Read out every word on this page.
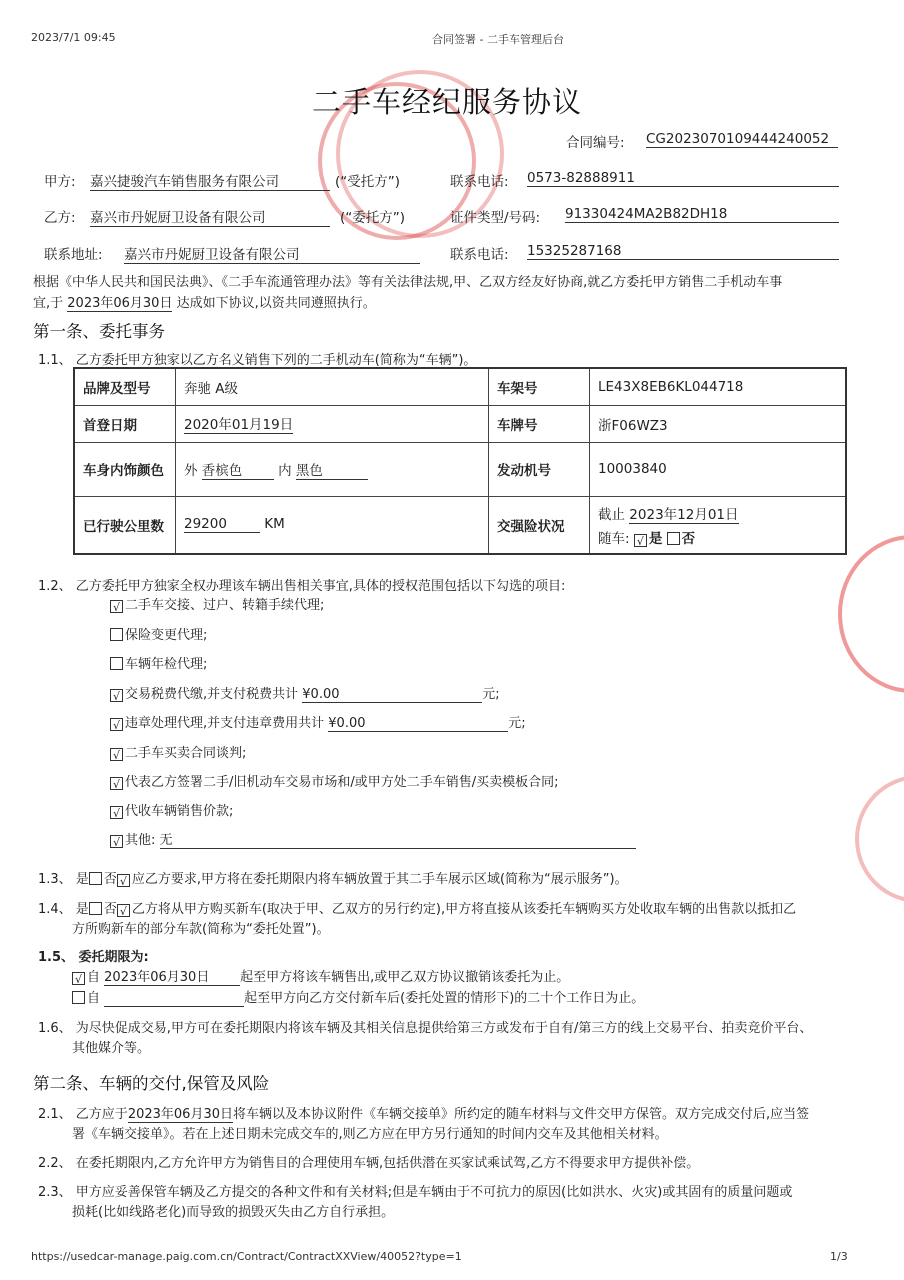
2023/7/1 09:45	合同签署 - 二手车管理后台
二手车经纪服务协议
合同编号: CG2023070109444240052
甲方: 嘉兴捷骏汽车销售服务有限公司	(“受托方”)	联系电话: 0573-82888911
乙方: 嘉兴市丹妮厨卫设备有限公司	(“委托方”)	证件类型/号码: 91330424MA2B82DH18
联系地址: 嘉兴市丹妮厨卫设备有限公司	联系电话: 15325287168
根据《中华人民共和国民法典》、《二手车流通管理办法》等有关法律法规,甲、乙双方经友好协商,就乙方委托甲方销售二手机动车事
宜,于 2023年06月30日 达成如下协议,以资共同遵照执行。
第一条、委托事务
1.1、 乙方委托甲方独家以乙方名义销售下列的二手机动车(简称为“车辆”)。
品牌及型号	奔驰 A级	车架号	LE43X8EB6KL044718
首登日期	2020年01月19日	车牌号	浙F06WZ3
车身内饰颜色	外 香槟色 内 黑色	发动机号	10003840
已行驶公里数	29200 KM	交强险状况	截止 2023年12月01日
随车: √ 是 否
1.2、 乙方委托甲方独家全权办理该车辆出售相关事宜,具体的授权范围包括以下勾选的项目:
√ 二手车交接、过户、转籍手续代理;
保险变更代理;
车辆年检代理;
√ 交易税费代缴,并支付税费共计 ¥0.00	元;
√ 违章处理代理,并支付违章费用共计 ¥0.00	元;
√ 二手车买卖合同谈判;
√ 代表乙方签署二手/旧机动车交易市场和/或甲方处二手车销售/买卖模板合同;
√ 代收车辆销售价款;
√ 其他: 无
1.3、 是 否 √ 应乙方要求,甲方将在委托期限内将车辆放置于其二手车展示区域(简称为“展示服务”)。
1.4、 是 否 √ 乙方将从甲方购买新车(取决于甲、乙双方的另行约定),甲方将直接从该委托车辆购买方处收取车辆的出售款以抵扣乙
方所购新车的部分车款(简称为“委托处置”)。
1.5、 委托期限为:
√ 自 2023年06月30日 起至甲方将该车辆售出,或甲乙双方协议撤销该委托为止。
自	起至甲方向乙方交付新车后(委托处置的情形下)的二十个工作日为止。
1.6、 为尽快促成交易,甲方可在委托期限内将该车辆及其相关信息提供给第三方或发布于自有/第三方的线上交易平台、拍卖竞价平台、
其他媒介等。
第二条、车辆的交付,保管及风险
2.1、 乙方应于2023年06月30日将车辆以及本协议附件《车辆交接单》所约定的随车材料与文件交甲方保管。双方完成交付后,应当签
署《车辆交接单》。若在上述日期未完成交车的,则乙方应在甲方另行通知的时间内交车及其他相关材料。
2.2、 在委托期限内,乙方允许甲方为销售目的合理使用车辆,包括供潜在买家试乘试驾,乙方不得要求甲方提供补偿。
2.3、 甲方应妥善保管车辆及乙方提交的各种文件和有关材料;但是车辆由于不可抗力的原因(比如洪水、火灾)或其固有的质量问题或
损耗(比如线路老化)而导致的损毁灭失由乙方自行承担。
https://usedcar-manage.paig.com.cn/Contract/ContractXXView/40052?type=1	1/3
